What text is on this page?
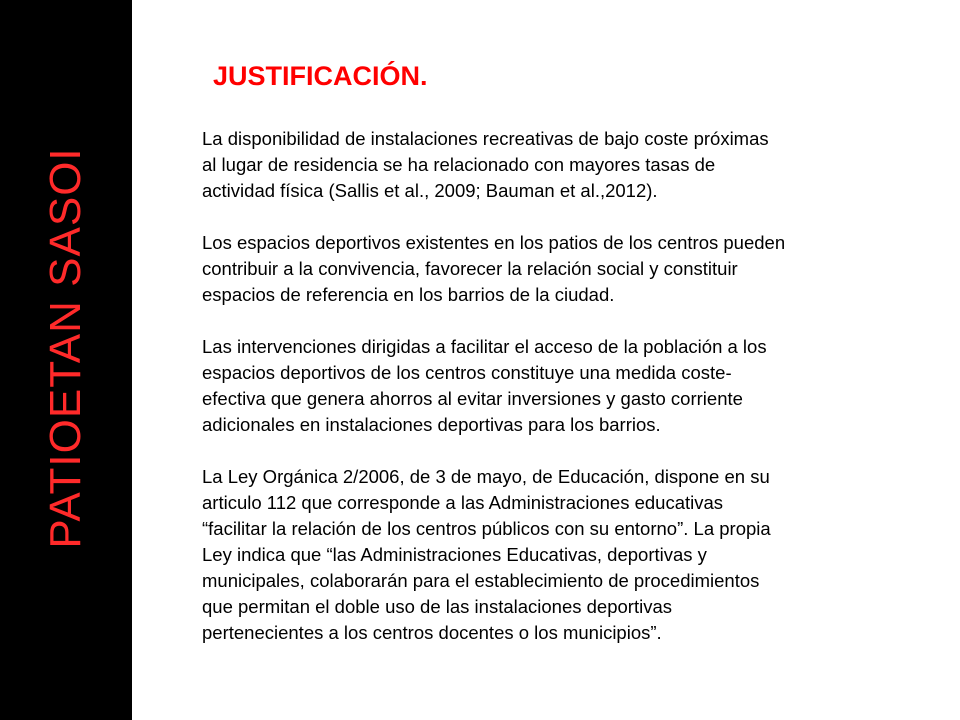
PATIOETAN SASOI
JUSTIFICACIÓN.

La disponibilidad de instalaciones recreativas de bajo coste próximas
al lugar de residencia se ha relacionado con mayores tasas de
actividad física (Sallis et al., 2009; Bauman et al.,2012).

Los espacios deportivos existentes en los patios de los centros pueden
contribuir a la convivencia, favorecer la relación social y constituir
espacios de referencia en los barrios de la ciudad.

Las intervenciones dirigidas a facilitar el acceso de la población a los
espacios deportivos de los centros constituye una medida coste-
efectiva que genera ahorros al evitar inversiones y gasto corriente
adicionales en instalaciones deportivas para los barrios.

La Ley Orgánica 2/2006, de 3 de mayo, de Educación, dispone en su
articulo 112 que corresponde a las Administraciones educativas
“facilitar la relación de los centros públicos con su entorno”. La propia
Ley indica que “las Administraciones Educativas, deportivas y
municipales, colaborarán para el establecimiento de procedimientos
que permitan el doble uso de las instalaciones deportivas
pertenecientes a los centros docentes o los municipios”.
